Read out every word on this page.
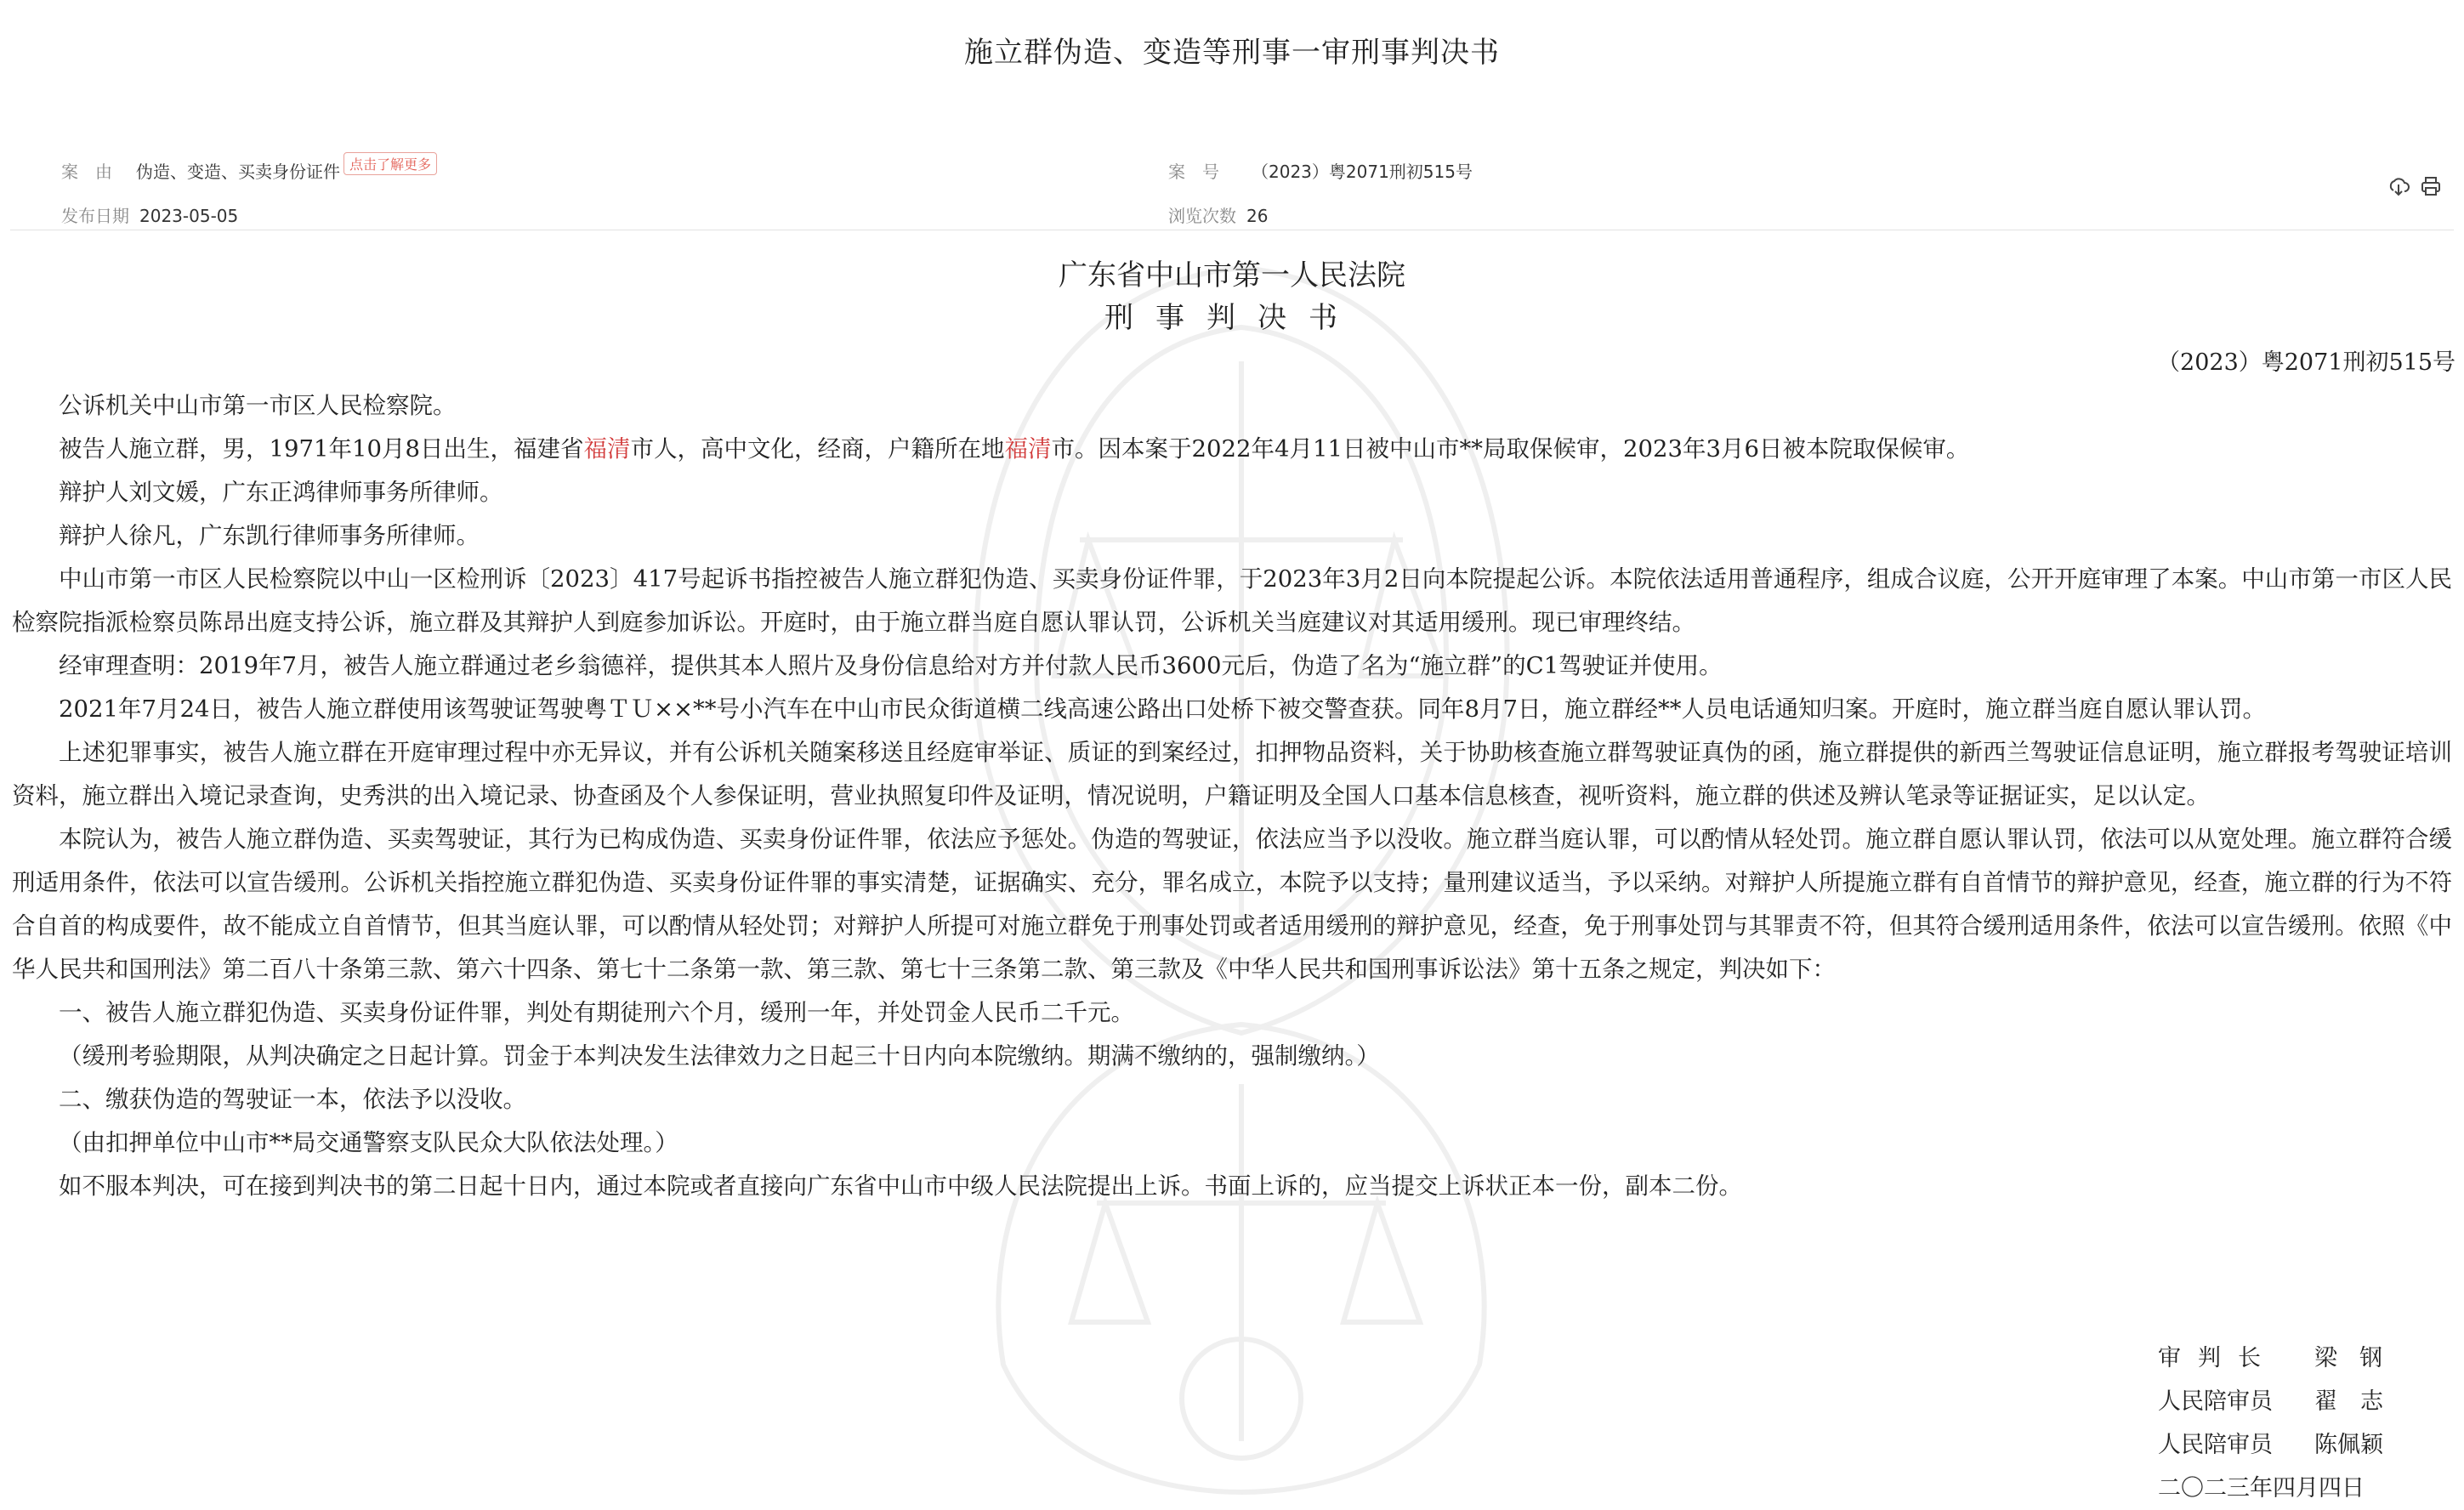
施立群伪造、变造等刑事一审刑事判决书
案由 伪造、变造、买卖身份证件 点击了解更多
发布日期 2023-05-05
案号 （2023）粤2071刑初515号
浏览次数 26
广东省中山市第一人民法院
刑事判决书
（2023）粤2071刑初515号

公诉机关中山市第一市区人民检察院。

被告人施立群，男，1971年10月8日出生，福建省福清市人，高中文化，经商，户籍所在地福清市。因本案于2022年4月11日被中山市**局取保候审，2023年3月6日被本院取保候审。

辩护人刘文媛，广东正鸿律师事务所律师。

辩护人徐凡，广东凯行律师事务所律师。

中山市第一市区人民检察院以中山一区检刑诉〔2023〕417号起诉书指控被告人施立群犯伪造、买卖身份证件罪，于2023年3月2日向本院提起公诉。本院依法适用普通程序，组成合议庭，公开开庭审理了本案。中山市第一市区人民检察院指派检察员陈昂出庭支持公诉，施立群及其辩护人到庭参加诉讼。开庭时，由于施立群当庭自愿认罪认罚，公诉机关当庭建议对其适用缓刑。现已审理终结。

经审理查明：2019年7月，被告人施立群通过老乡翁德祥，提供其本人照片及身份信息给对方并付款人民币3600元后，伪造了名为“施立群”的C1驾驶证并使用。

2021年7月24日，被告人施立群使用该驾驶证驾驶粤ＴＵ××**号小汽车在中山市民众街道横二线高速公路出口处桥下被交警查获。同年8月7日，施立群经**人员电话通知归案。开庭时，施立群当庭自愿认罪认罚。

上述犯罪事实，被告人施立群在开庭审理过程中亦无异议，并有公诉机关随案移送且经庭审举证、质证的到案经过，扣押物品资料，关于协助核查施立群驾驶证真伪的函，施立群提供的新西兰驾驶证信息证明，施立群报考驾驶证培训资料，施立群出入境记录查询，史秀洪的出入境记录、协查函及个人参保证明，营业执照复印件及证明，情况说明，户籍证明及全国人口基本信息核查，视听资料，施立群的供述及辨认笔录等证据证实，足以认定。

本院认为，被告人施立群伪造、买卖驾驶证，其行为已构成伪造、买卖身份证件罪，依法应予惩处。伪造的驾驶证，依法应当予以没收。施立群当庭认罪，可以酌情从轻处罚。施立群自愿认罪认罚，依法可以从宽处理。施立群符合缓刑适用条件，依法可以宣告缓刑。公诉机关指控施立群犯伪造、买卖身份证件罪的事实清楚，证据确实、充分，罪名成立，本院予以支持；量刑建议适当，予以采纳。对辩护人所提施立群有自首情节的辩护意见，经查，施立群的行为不符合自首的构成要件，故不能成立自首情节，但其当庭认罪，可以酌情从轻处罚；对辩护人所提可对施立群免于刑事处罚或者适用缓刑的辩护意见，经查，免于刑事处罚与其罪责不符，但其符合缓刑适用条件，依法可以宣告缓刑。依照《中华人民共和国刑法》第二百八十条第三款、第六十四条、第七十二条第一款、第三款、第七十三条第二款、第三款及《中华人民共和国刑事诉讼法》第十五条之规定，判决如下：

一、被告人施立群犯伪造、买卖身份证件罪，判处有期徒刑六个月，缓刑一年，并处罚金人民币二千元。

（缓刑考验期限，从判决确定之日起计算。罚金于本判决发生法律效力之日起三十日内向本院缴纳。期满不缴纳的，强制缴纳。）

二、缴获伪造的驾驶证一本，依法予以没收。

（由扣押单位中山市**局交通警察支队民众大队依法处理。）

如不服本判决，可在接到判决书的第二日起十日内，通过本院或者直接向广东省中山市中级人民法院提出上诉。书面上诉的，应当提交上诉状正本一份，副本二份。

审判长 梁钢
人民陪审员 翟　志
人民陪审员 陈佩颖
二〇二三年四月四日
